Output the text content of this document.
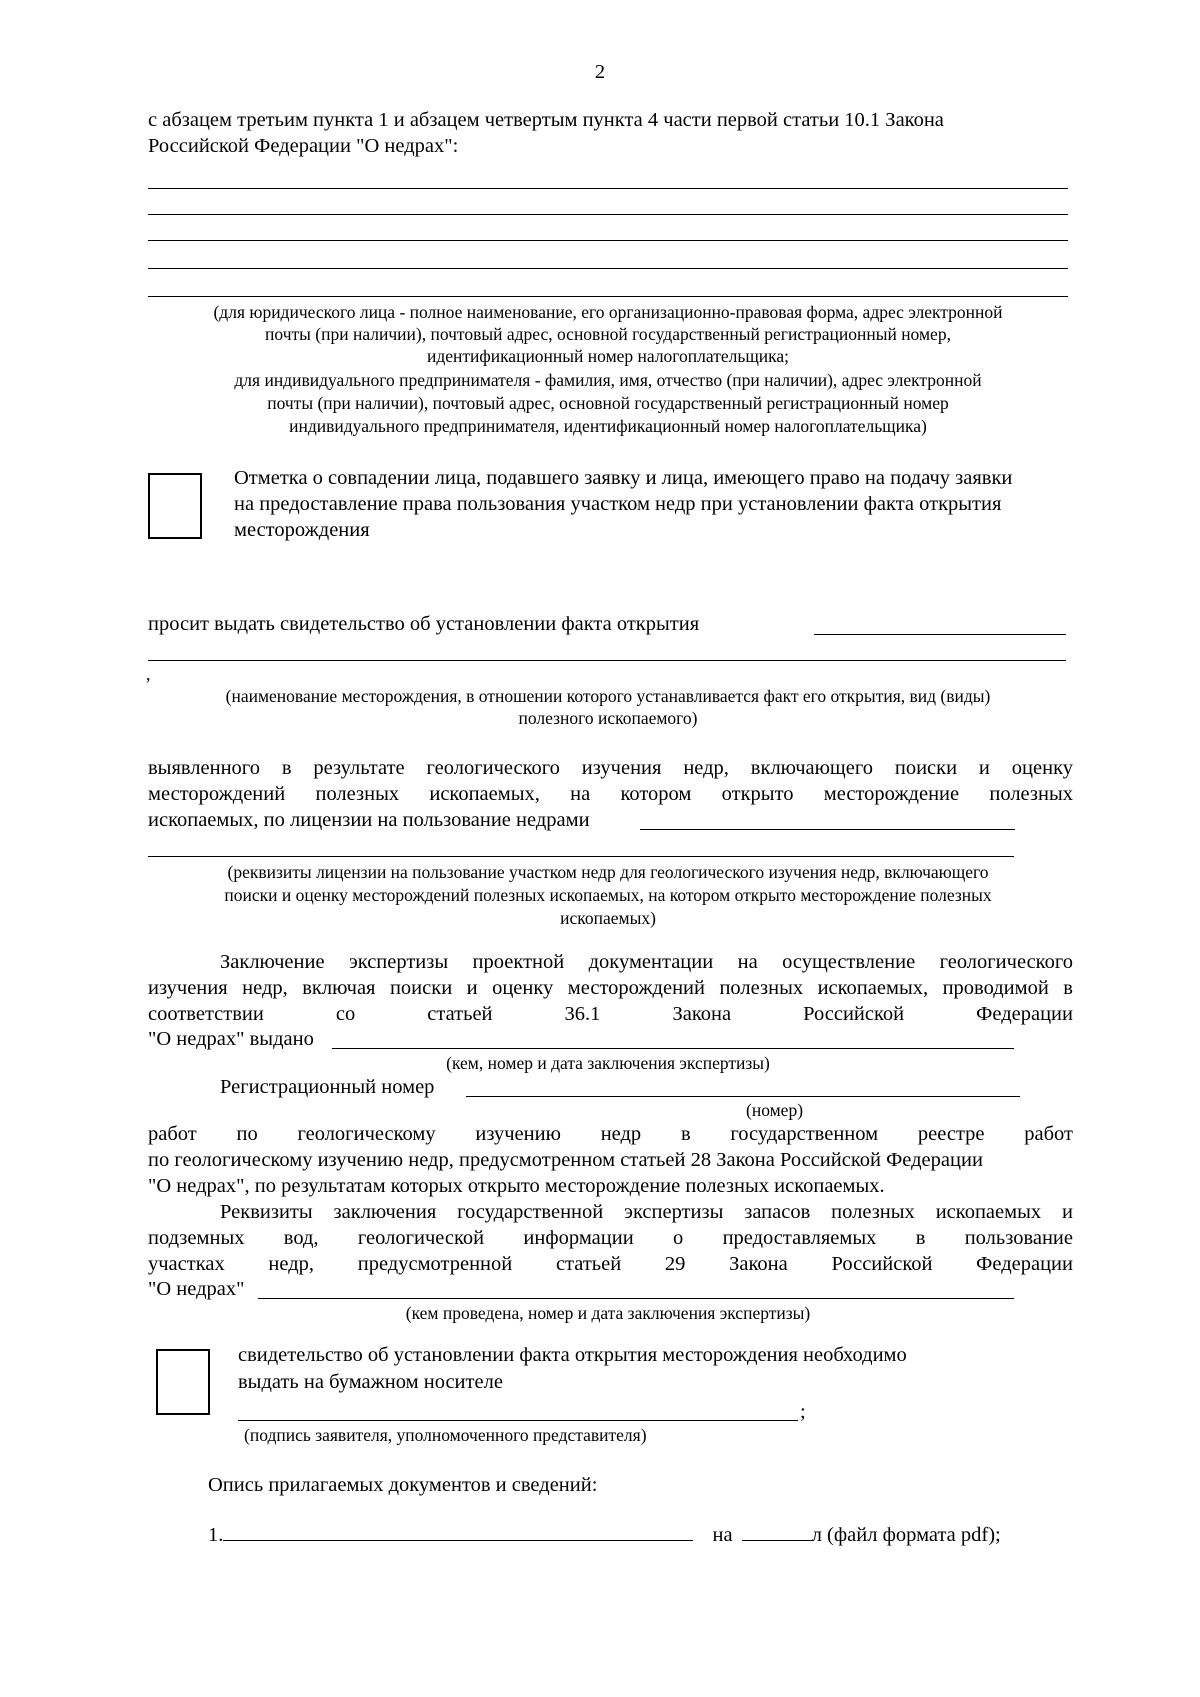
2
с абзацем третьим пункта 1 и абзацем четвертым пункта 4 части первой статьи 10.1 Закона
Российской Федерации "О недрах":
(для юридического лица - полное наименование, его организационно-правовая форма, адрес электронной
почты (при наличии), почтовый адрес, основной государственный регистрационный номер,
идентификационный номер налогоплательщика;
для индивидуального предпринимателя - фамилия, имя, отчество (при наличии), адрес электронной
почты (при наличии), почтовый адрес, основной государственный регистрационный номер
индивидуального предпринимателя, идентификационный номер налогоплательщика)
Отметка о совпадении лица, подавшего заявку и лица, имеющего право на подачу заявки
на предоставление права пользования участком недр при установлении факта открытия
месторождения
просит выдать свидетельство об установлении факта открытия
,
(наименование месторождения, в отношении которого устанавливается факт его открытия, вид (виды)
полезного ископаемого)
выявленного в результате геологического изучения недр, включающего поиски и оценку
месторождений полезных ископаемых, на котором открыто месторождение полезных
ископаемых, по лицензии на пользование недрами
(реквизиты лицензии на пользование участком недр для геологического изучения недр, включающего
поиски и оценку месторождений полезных ископаемых, на котором открыто месторождение полезных
ископаемых)
Заключение экспертизы проектной документации на осуществление геологического
изучения недр, включая поиски и оценку месторождений полезных ископаемых, проводимой в
соответствии со статьей 36.1 Закона Российской Федерации
"О недрах" выдано
(кем, номер и дата заключения экспертизы)
Регистрационный номер
(номер)
работ по геологическому изучению недр в государственном реестре работ
по геологическому изучению недр, предусмотренном статьей 28 Закона Российской Федерации
"О недрах", по результатам которых открыто месторождение полезных ископаемых.
Реквизиты заключения государственной экспертизы запасов полезных ископаемых и
подземных вод, геологической информации о предоставляемых в пользование
участках недр, предусмотренной статьей 29 Закона Российской Федерации
"О недрах"
(кем проведена, номер и дата заключения экспертизы)
свидетельство об установлении факта открытия месторождения необходимо
выдать на бумажном носителе
;
(подпись заявителя, уполномоченного представителя)
Опись прилагаемых документов и сведений:
1.	на	л (файл формата pdf);
